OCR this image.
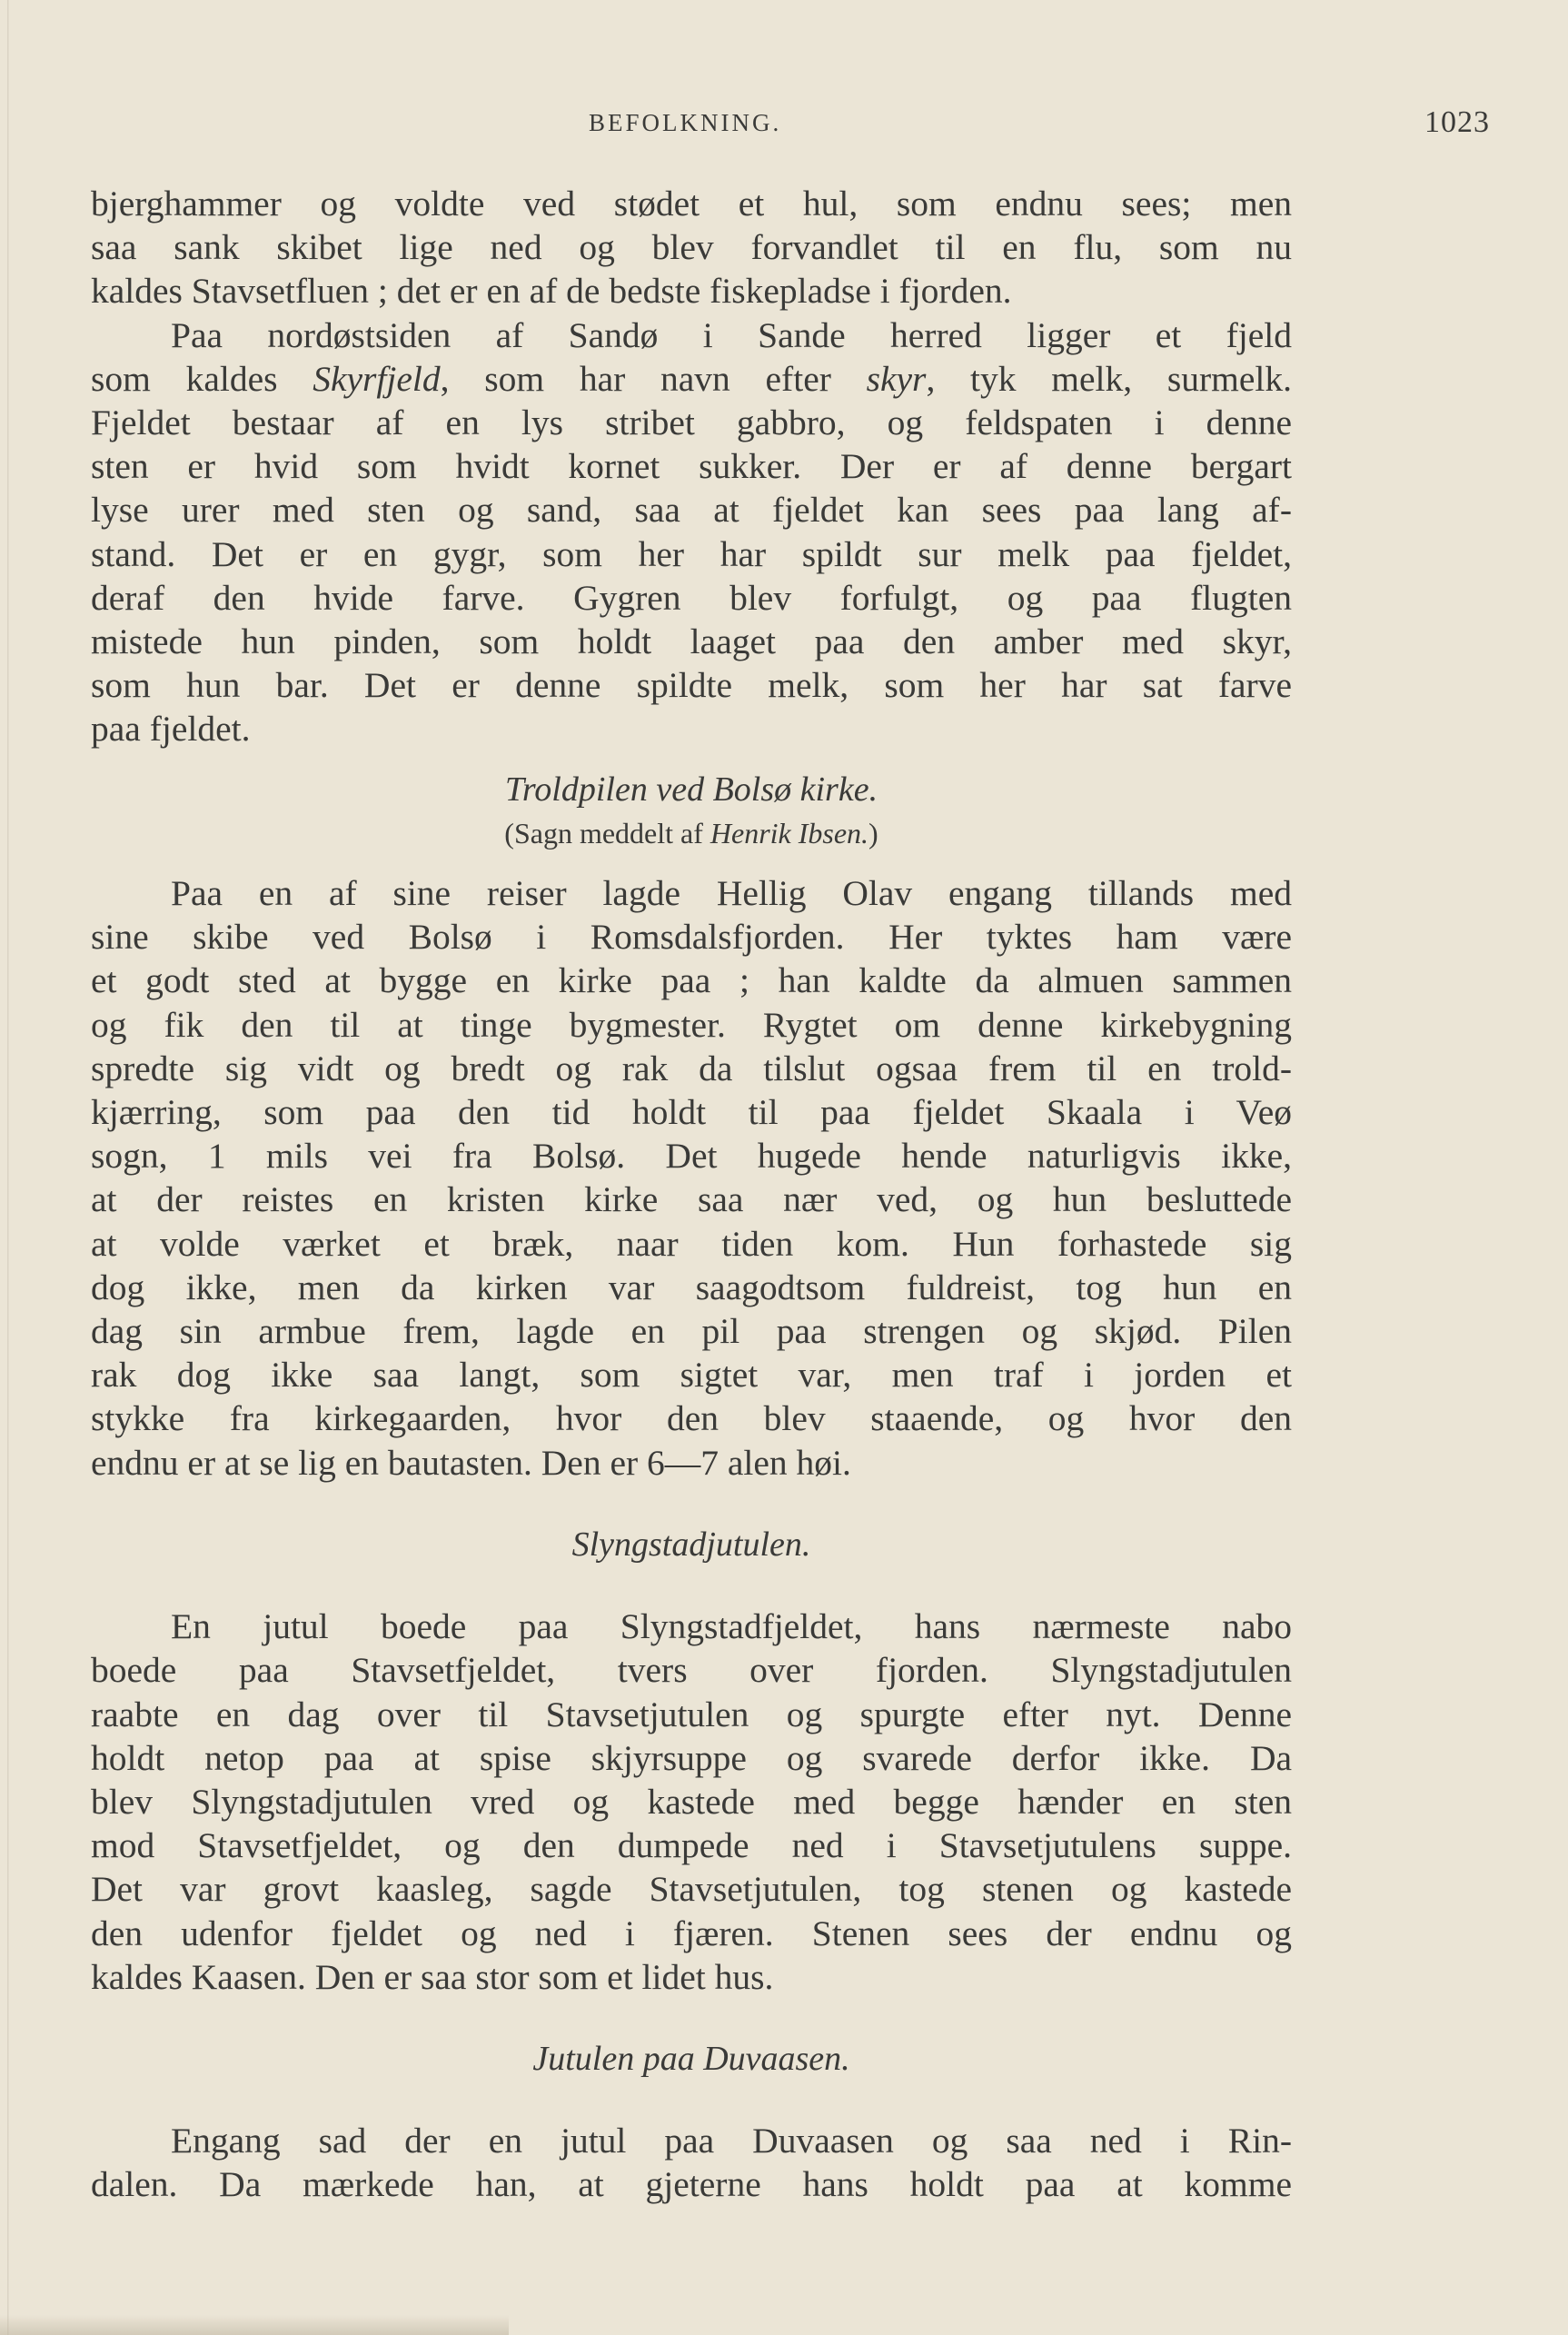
BEFOLKNING.	1023
bjerghammer og voldte ved stødet et hul, som endnu sees; men
saa sank skibet lige ned og blev forvandlet til en flu, som nu
kaldes Stavsetfluen ; det er en af de bedste fiskepladse i fjorden.
Paa nordøstsiden af Sandø i Sande herred ligger et fjeld
som kaldes Skyrfjeld, som har navn efter skyr, tyk melk, surmelk.
Fjeldet bestaar af en lys stribet gabbro, og feldspaten i denne
sten er hvid som hvidt kornet sukker. Der er af denne bergart
lyse urer med sten og sand, saa at fjeldet kan sees paa lang af-
stand. Det er en gygr, som her har spildt sur melk paa fjeldet,
deraf den hvide farve. Gygren blev forfulgt, og paa flugten
mistede hun pinden, som holdt laaget paa den amber med skyr,
som hun bar. Det er denne spildte melk, som her har sat farve
paa fjeldet.
Troldpilen ved Bolsø kirke.
(Sagn meddelt af Henrik Ibsen.)
Paa en af sine reiser lagde Hellig Olav engang tillands med
sine skibe ved Bolsø i Romsdalsfjorden. Her tyktes ham være
et godt sted at bygge en kirke paa ; han kaldte da almuen sammen
og fik den til at tinge bygmester. Rygtet om denne kirkebygning
spredte sig vidt og bredt og rak da tilslut ogsaa frem til en trold-
kjærring, som paa den tid holdt til paa fjeldet Skaala i Veø
sogn, 1 mils vei fra Bolsø. Det hugede hende naturligvis ikke,
at der reistes en kristen kirke saa nær ved, og hun besluttede
at volde værket et bræk, naar tiden kom. Hun forhastede sig
dog ikke, men da kirken var saagodtsom fuldreist, tog hun en
dag sin armbue frem, lagde en pil paa strengen og skjød. Pilen
rak dog ikke saa langt, som sigtet var, men traf i jorden et
stykke fra kirkegaarden, hvor den blev staaende, og hvor den
endnu er at se lig en bautasten. Den er 6—7 alen høi.
Slyngstadjutulen.
En jutul boede paa Slyngstadfjeldet, hans nærmeste nabo
boede paa Stavsetfjeldet, tvers over fjorden. Slyngstadjutulen
raabte en dag over til Stavsetjutulen og spurgte efter nyt. Denne
holdt netop paa at spise skjyrsuppe og svarede derfor ikke. Da
blev Slyngstadjutulen vred og kastede med begge hænder en sten
mod Stavsetfjeldet, og den dumpede ned i Stavsetjutulens suppe.
Det var grovt kaasleg, sagde Stavsetjutulen, tog stenen og kastede
den udenfor fjeldet og ned i fjæren. Stenen sees der endnu og
kaldes Kaasen. Den er saa stor som et lidet hus.
Jutulen paa Duvaasen.
Engang sad der en jutul paa Duvaasen og saa ned i Rin-
dalen. Da mærkede han, at gjeterne hans holdt paa at komme
